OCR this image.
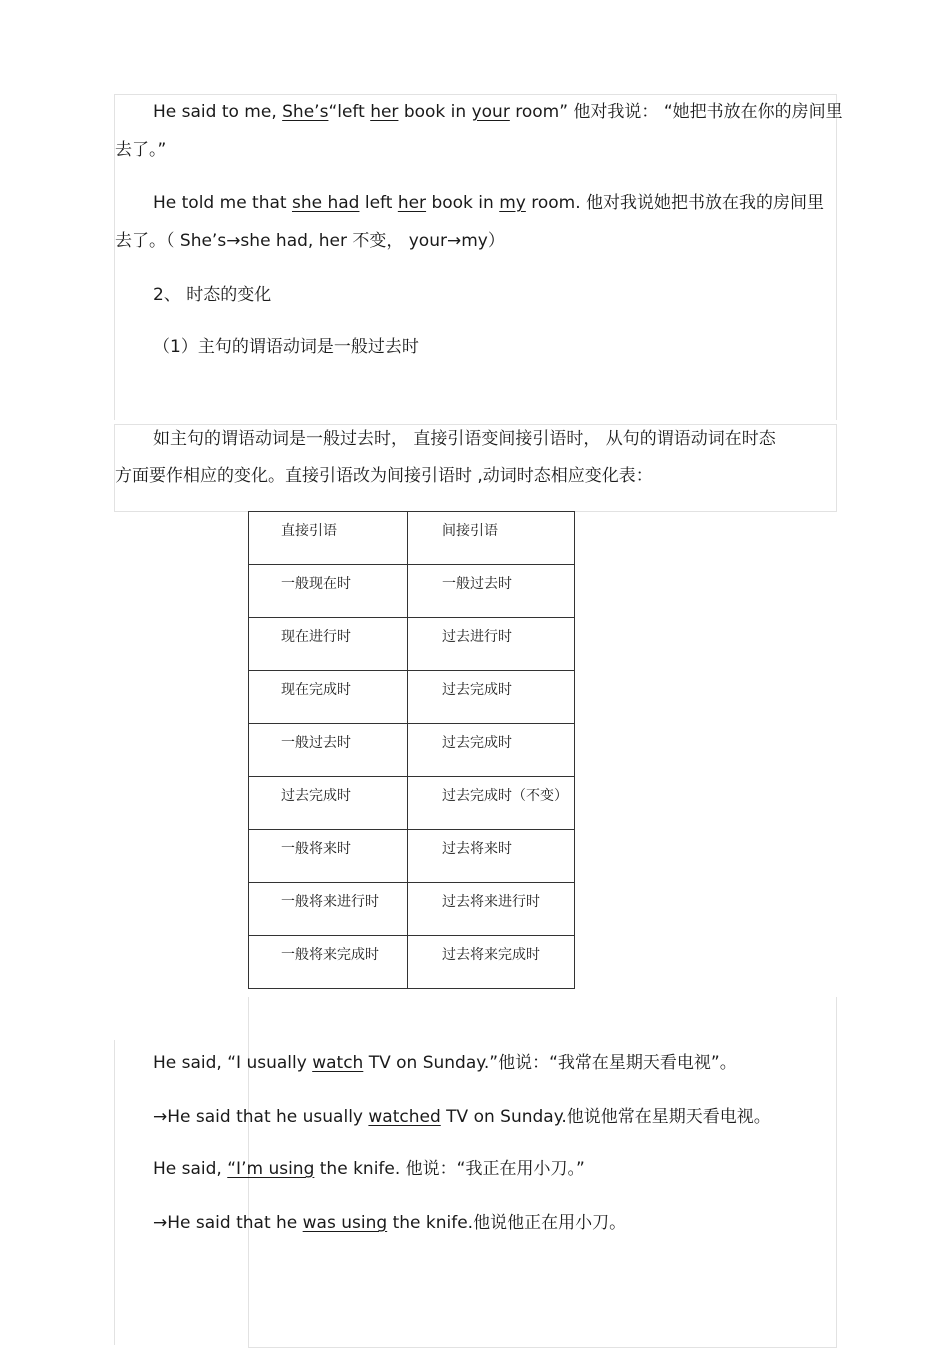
He said to me, She’s“left her book in your room” 他对我说： “她把书放在你的房间里
去了。”
He told me that she had left her book in my room. 他对我说她把书放在我的房间里
去了。（ She’s→she had, her 不变， your→my）
2、 时态的变化
（1）主句的谓语动词是一般过去时
如主句的谓语动词是一般过去时， 直接引语变间接引语时， 从句的谓语动词在时态
方面要作相应的变化。直接引语改为间接引语时 ,动词时态相应变化表：
直接引语	间接引语
一般现在时	一般过去时
现在进行时	过去进行时
现在完成时	过去完成时
一般过去时	过去完成时
过去完成时	过去完成时（不变）
一般将来时	过去将来时
一般将来进行时	过去将来进行时
一般将来完成时	过去将来完成时
He said, “I usually watch TV on Sunday.”他说：“我常在星期天看电视”。
→He said that he usually watched TV on Sunday.他说他常在星期天看电视。
He said, “I’m using the knife. 他说：“我正在用小刀。”
→He said that he was using the knife.他说他正在用小刀。
